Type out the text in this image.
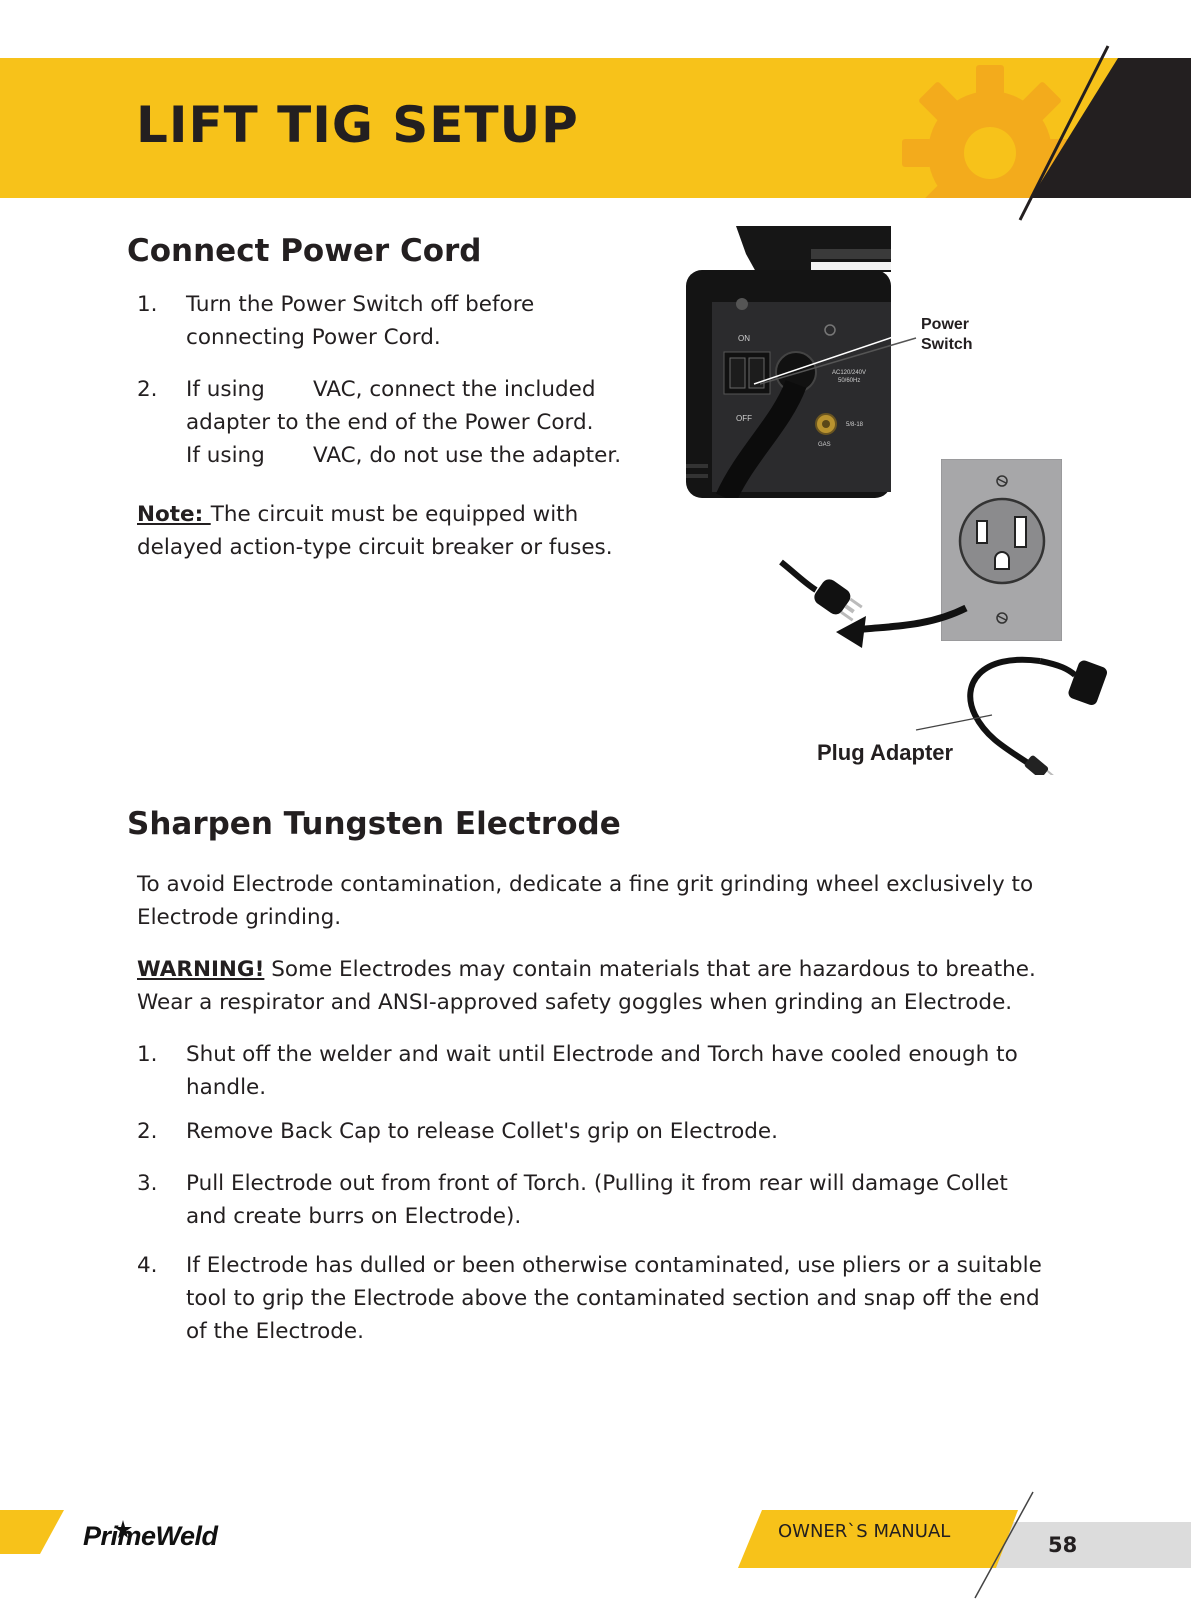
LIFT TIG SETUP
Connect Power Cord
1. Turn the Power Switch off before
connecting Power Cord.
2. If using VAC, connect the included
adapter to the end of the Power Cord.
If using VAC, do not use the adapter.
Note: The circuit must be equipped with
delayed action-type circuit breaker or fuses.
ON
OFF
AC120/240V
50/60Hz
GAS
5/8-18
Power
Switch
Plug Adapter
Sharpen Tungsten Electrode
To avoid Electrode contamination, dedicate a fine grit grinding wheel exclusively to
Electrode grinding.
WARNING! Some Electrodes may contain materials that are hazardous to breathe.
Wear a respirator and ANSI-approved safety goggles when grinding an Electrode.
1. Shut off the welder and wait until Electrode and Torch have cooled enough to
handle.
2. Remove Back Cap to release Collet's grip on Electrode.
3. Pull Electrode out from front of Torch. (Pulling it from rear will damage Collet
and create burrs on Electrode).
4. If Electrode has dulled or been otherwise contaminated, use pliers or a suitable
tool to grip the Electrode above the contaminated section and snap off the end
of the Electrode.
PrimeWeld	OWNER`S MANUAL
58
